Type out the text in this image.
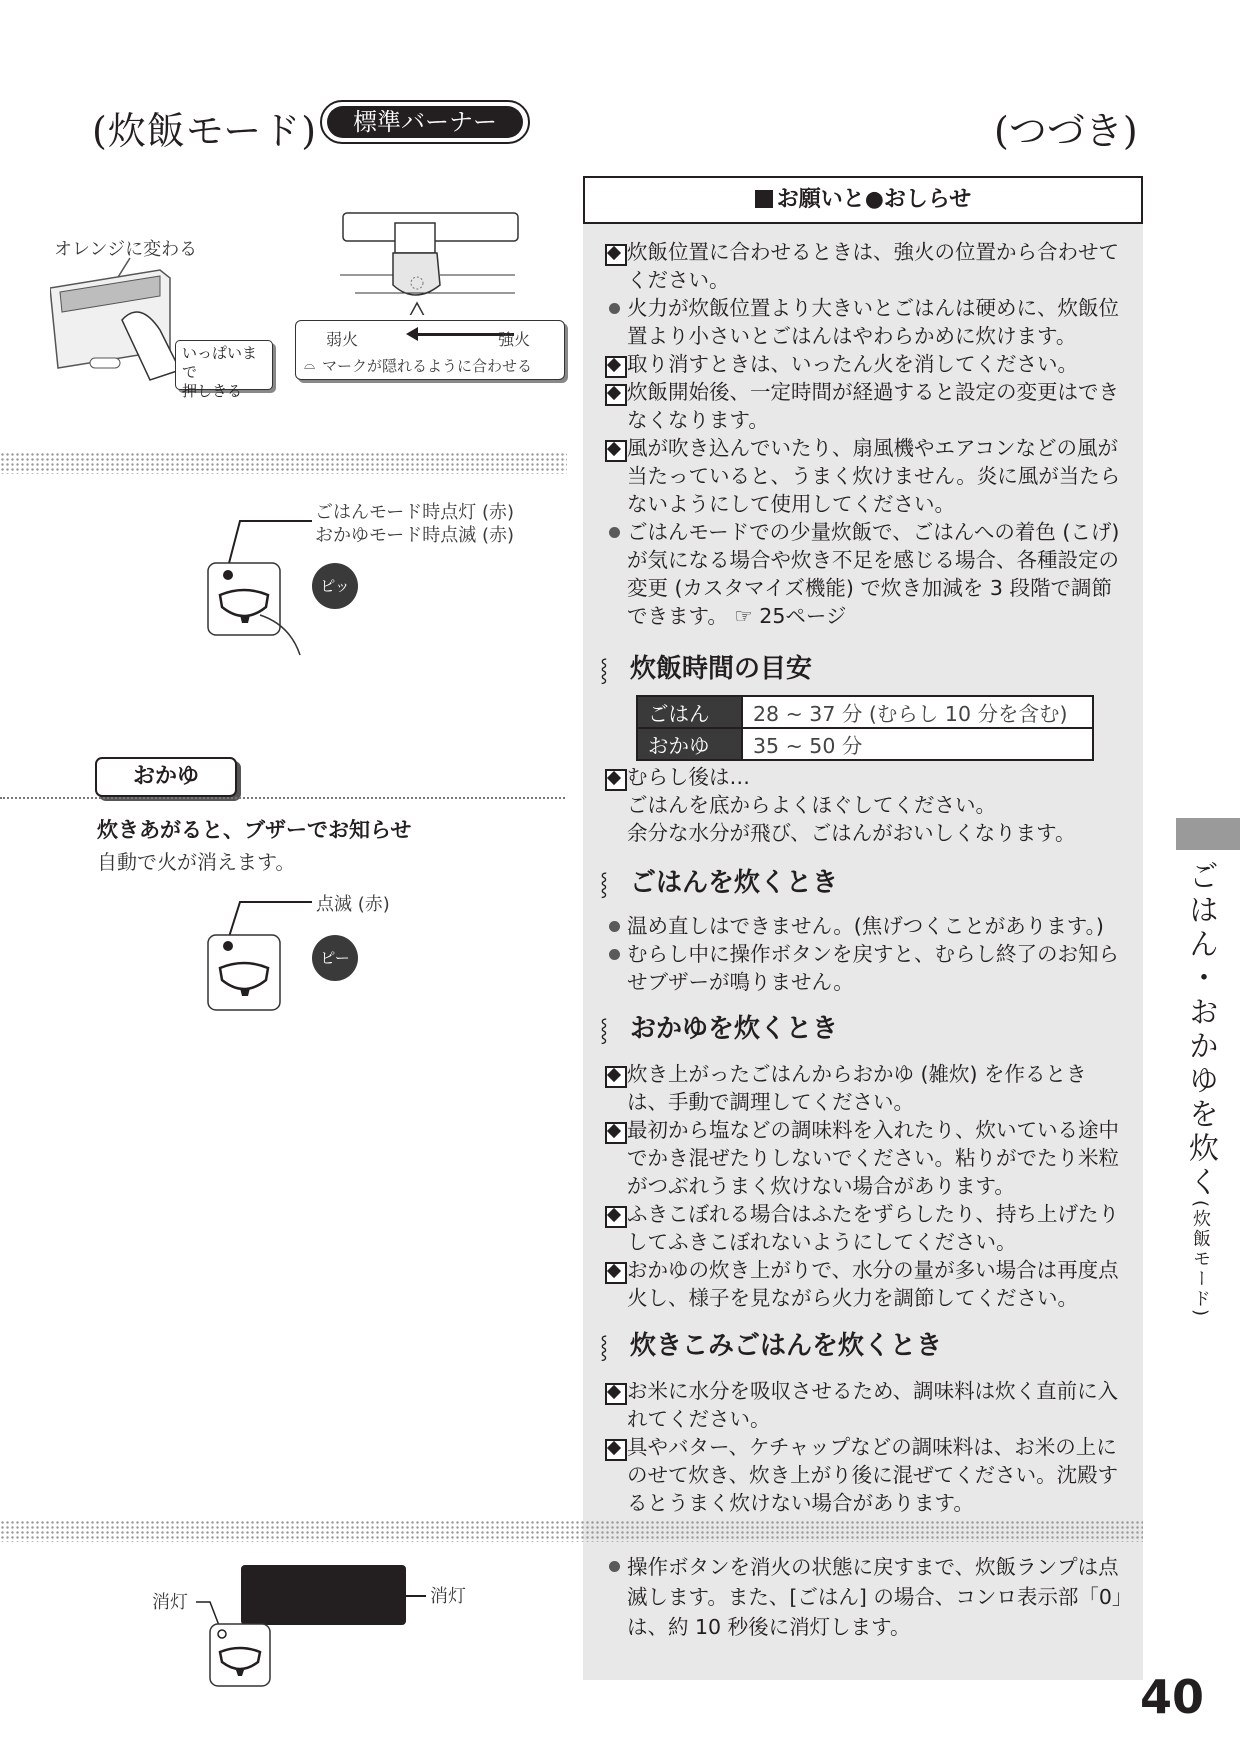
(炊飯モード)	標準バーナー	(つづき)
オレンジに変わる
いっぱいまで
押しきる
弱火	強火
⌓ マークが隠れるように合わせる
ごはんモード時点灯 (赤)
おかゆモード時点滅 (赤)
ピッ
おかゆ
炊きあがると、ブザーでお知らせ
自動で火が消えます。
点滅 (赤)
ピー
お願いと●おしらせ
炊飯位置に合わせるときは、強火の位置から合わせてください。
火力が炊飯位置より大きいとごはんは硬めに、炊飯位置より小さいとごはんはやわらかめに炊けます。
取り消すときは、いったん火を消してください。
炊飯開始後、一定時間が経過すると設定の変更はできなくなります。
風が吹き込んでいたり、扇風機やエアコンなどの風が当たっていると、うまく炊けません。炎に風が当たらないようにして使用してください。
ごはんモードでの少量炊飯で、ごはんへの着色 (こげ) が気になる場合や炊き不足を感じる場合、各種設定の変更 (カスタマイズ機能) で炊き加減を 3 段階で調節できます。 ☞ 25ページ
⸾ 炊飯時間の目安
ごはん	28 ~ 37 分 (むらし 10 分を含む)
おかゆ	35 ~ 50 分
むらし後は…
ごはんを底からよくほぐしてください。
余分な水分が飛び、ごはんがおいしくなります。
⸾ ごはんを炊くとき
温め直しはできません。(焦げつくことがあります。)
むらし中に操作ボタンを戻すと、むらし終了のお知らせブザーが鳴りません。
⸾ おかゆを炊くとき
炊き上がったごはんからおかゆ (雑炊) を作るときは、手動で調理してください。
最初から塩などの調味料を入れたり、炊いている途中でかき混ぜたりしないでください。粘りがでたり米粒がつぶれうまく炊けない場合があります。
ふきこぼれる場合はふたをずらしたり、持ち上げたりしてふきこぼれないようにしてください。
おかゆの炊き上がりで、水分の量が多い場合は再度点火し、様子を見ながら火力を調節してください。
⸾ 炊きこみごはんを炊くとき
お米に水分を吸収させるため、調味料は炊く直前に入れてください。
具やバター、ケチャップなどの調味料は、お米の上にのせて炊き、炊き上がり後に混ぜてください。沈殿するとうまく炊けない場合があります。
操作ボタンを消火の状態に戻すまで、炊飯ランプは点滅します。また、[ごはん] の場合、コンロ表示部「0」は、約 10 秒後に消灯します。
消灯
消灯
ごはん・おかゆを炊く(炊飯モード)
40
